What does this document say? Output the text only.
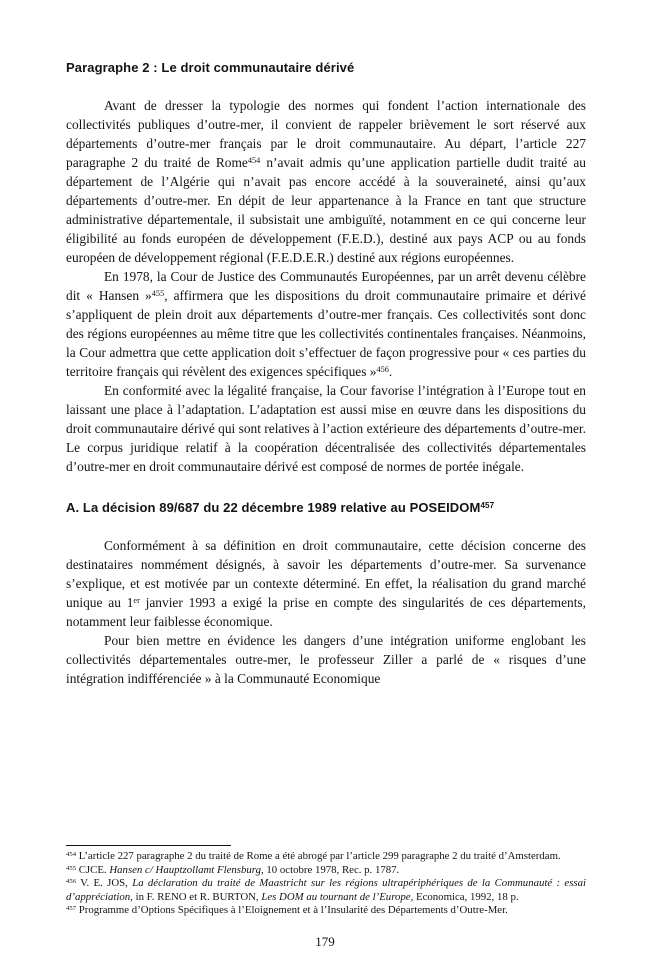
Paragraphe 2 : Le droit communautaire dérivé

Avant de dresser la typologie des normes qui fondent l’action internationale des collectivités publiques d’outre-mer, il convient de rappeler brièvement le sort réservé aux départements d’outre-mer français par le droit communautaire. Au départ, l’article 227 paragraphe 2 du traité de Rome$^{454}$ n’avait admis qu’une application partielle dudit traité au département de l’Algérie qui n’avait pas encore accédé à la souveraineté, ainsi qu’aux départements d’outre-mer. En dépit de leur appartenance à la France en tant que structure administrative départementale, il subsistait une ambiguïté, notamment en ce qui concerne leur éligibilité au fonds européen de développement (F.E.D.), destiné aux pays ACP ou au fonds européen de développement régional (F.E.D.E.R.) destiné aux régions européennes.

En 1978, la Cour de Justice des Communautés Européennes, par un arrêt devenu célèbre dit « Hansen »$^{455}$, affirmera que les dispositions du droit communautaire primaire et dérivé s’appliquent de plein droit aux départements d’outre-mer français. Ces collectivités sont donc des régions européennes au même titre que les collectivités continentales françaises. Néanmoins, la Cour admettra que cette application doit s’effectuer de façon progressive pour « ces parties du territoire français qui révèlent des exigences spécifiques »$^{456}$.

En conformité avec la légalité française, la Cour favorise l’intégration à l’Europe tout en laissant une place à l’adaptation. L’adaptation est aussi mise en œuvre dans les dispositions du droit communautaire dérivé qui sont relatives à l’action extérieure des départements d’outre-mer. Le corpus juridique relatif à la coopération décentralisée des collectivités départementales d’outre-mer en droit communautaire dérivé est composé de normes de portée inégale.

A. La décision 89/687 du 22 décembre 1989 relative au POSEIDOM$^{457}$

Conformément à sa définition en droit communautaire, cette décision concerne des destinataires nommément désignés, à savoir les départements d’outre-mer. Sa survenance s’explique, et est motivée par un contexte déterminé. En effet, la réalisation du grand marché unique au 1er janvier 1993 a exigé la prise en compte des singularités de ces départements, notamment leur faiblesse économique.

Pour bien mettre en évidence les dangers d’une intégration uniforme englobant les collectivités départementales outre-mer, le professeur Ziller a parlé de « risques d’une intégration indifférenciée » à la Communauté Economique

$^{454}$ L’article 227 paragraphe 2 du traité de Rome a été abrogé par l’article 299 paragraphe 2 du traité d’Amsterdam.

$^{455}$ CJCE. Hansen c/ Hauptzollamt Flensburg, 10 octobre 1978, Rec. p. 1787.

$^{456}$ V. E. JOS, La déclaration du traité de Maastricht sur les régions ultrapériphériques de la Communauté : essai d’appréciation, in F. RENO et R. BURTON, Les DOM au tournant de l’Europe, Economica, 1992, 18 p.

$^{457}$ Programme d’Options Spécifiques à l’Eloignement et à l’Insularité des Départements d’Outre-Mer.

179
